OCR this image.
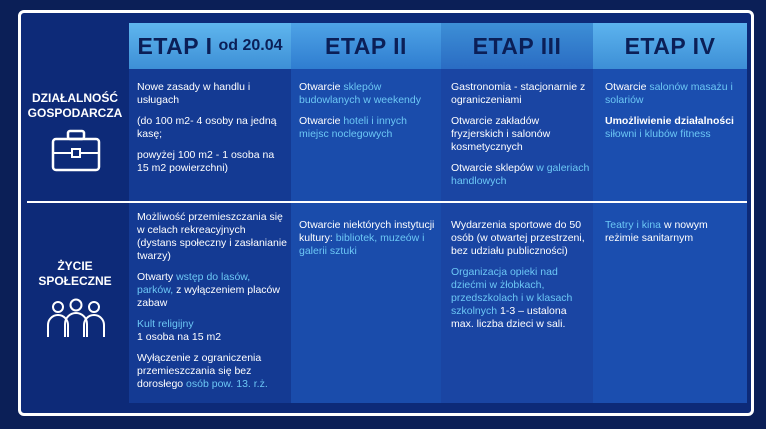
ETAP I od 20.04 ETAP II	ETAP III	ETAP IV
DZIAŁALNOŚĆ
GOSPODARCZA
ŻYCIE
SPOŁECZNE

Nowe zasady w handlu i usługach

(do 100 m2- 4 osoby na jedną kasę;

powyżej 100 m2 - 1 osoba na 15 m2 powierzchni)

Otwarcie sklepów budowlanych w weekendy

Otwarcie hoteli i innych miejsc noclegowych

Gastronomia - stacjonarnie z ograniczeniami

Otwarcie zakładów fryzjerskich i salonów kosmetycznych

Otwarcie sklepów w galeriach handlowych

Otwarcie salonów masażu i solariów

Umożliwienie działalności siłowni i klubów fitness

Możliwość przemieszczania się w celach rekreacyjnych (dystans społeczny i zasłanianie twarzy)

Otwarty wstęp do lasów, parków, z wyłączeniem placów zabaw

Kult religijny
1 osoba na 15 m2

Wyłączenie z ograniczenia przemieszczania się bez dorosłego osób pow. 13. r.ż.

Otwarcie niektórych instytucji kultury: bibliotek, muzeów i galerii sztuki

Wydarzenia sportowe do 50 osób (w otwartej przestrzeni, bez udziału publiczności)

Organizacja opieki nad dziećmi w żłobkach, przedszkolach i w klasach szkolnych 1-3 – ustalona max. liczba dzieci w sali.

Teatry i kina w nowym reżimie sanitarnym
